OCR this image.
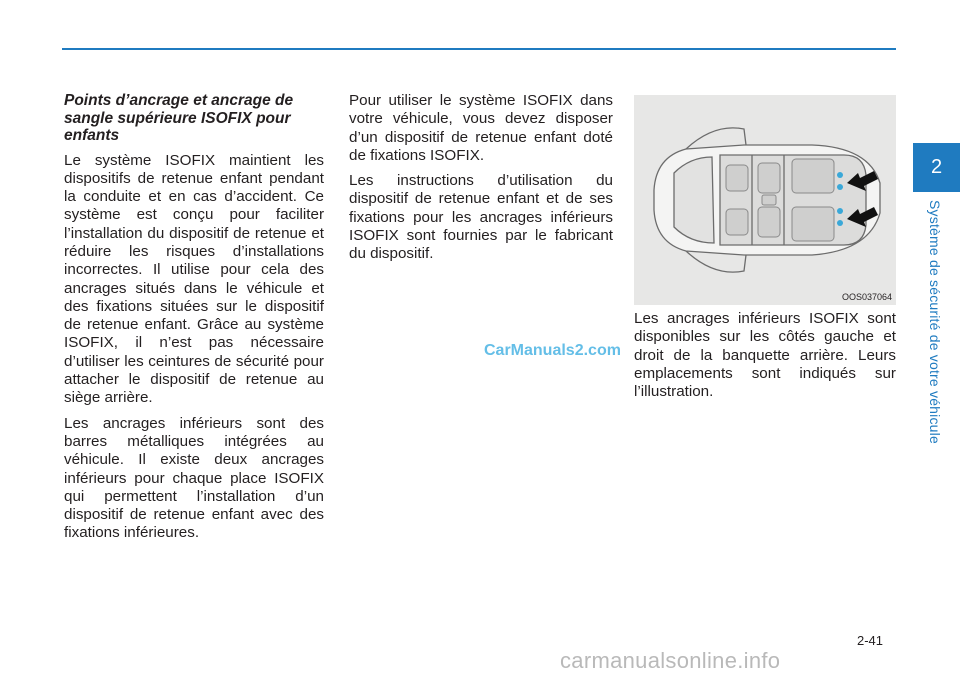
Points d’ancrage et ancrage de sangle supérieure ISOFIX pour enfants

Le système ISOFIX maintient les dispositifs de retenue enfant pendant la conduite et en cas d’accident. Ce système est conçu pour faciliter l’installation du dispositif de retenue et réduire les risques d’installations incorrectes. Il utilise pour cela des ancrages situés dans le véhicule et des fixations situées sur le dispositif de retenue enfant. Grâce au système ISOFIX, il n’est pas nécessaire d’utiliser les ceintures de sécurité pour attacher le dispositif de retenue au siège arrière.

Les ancrages inférieurs sont des barres métalliques intégrées au véhicule. Il existe deux ancrages inférieurs pour chaque place ISOFIX qui permettent l’installation d’un dispositif de retenue enfant avec des fixations inférieures.

Pour utiliser le système ISOFIX dans votre véhicule, vous devez disposer d’un dispositif de retenue enfant doté de fixations ISOFIX.

Les instructions d’utilisation du dispositif de retenue enfant et de ses fixations pour les ancrages inférieurs ISOFIX sont fournies par le fabricant du dispositif.

OOS037064

Les ancrages inférieurs ISOFIX sont disponibles sur les côtés gauche et droit de la banquette arrière. Leurs emplacements sont indiqués sur l’illustration.

CarManuals2.com
2
Système de sécurité de votre véhicule
2-41
carmanualsonline.info
